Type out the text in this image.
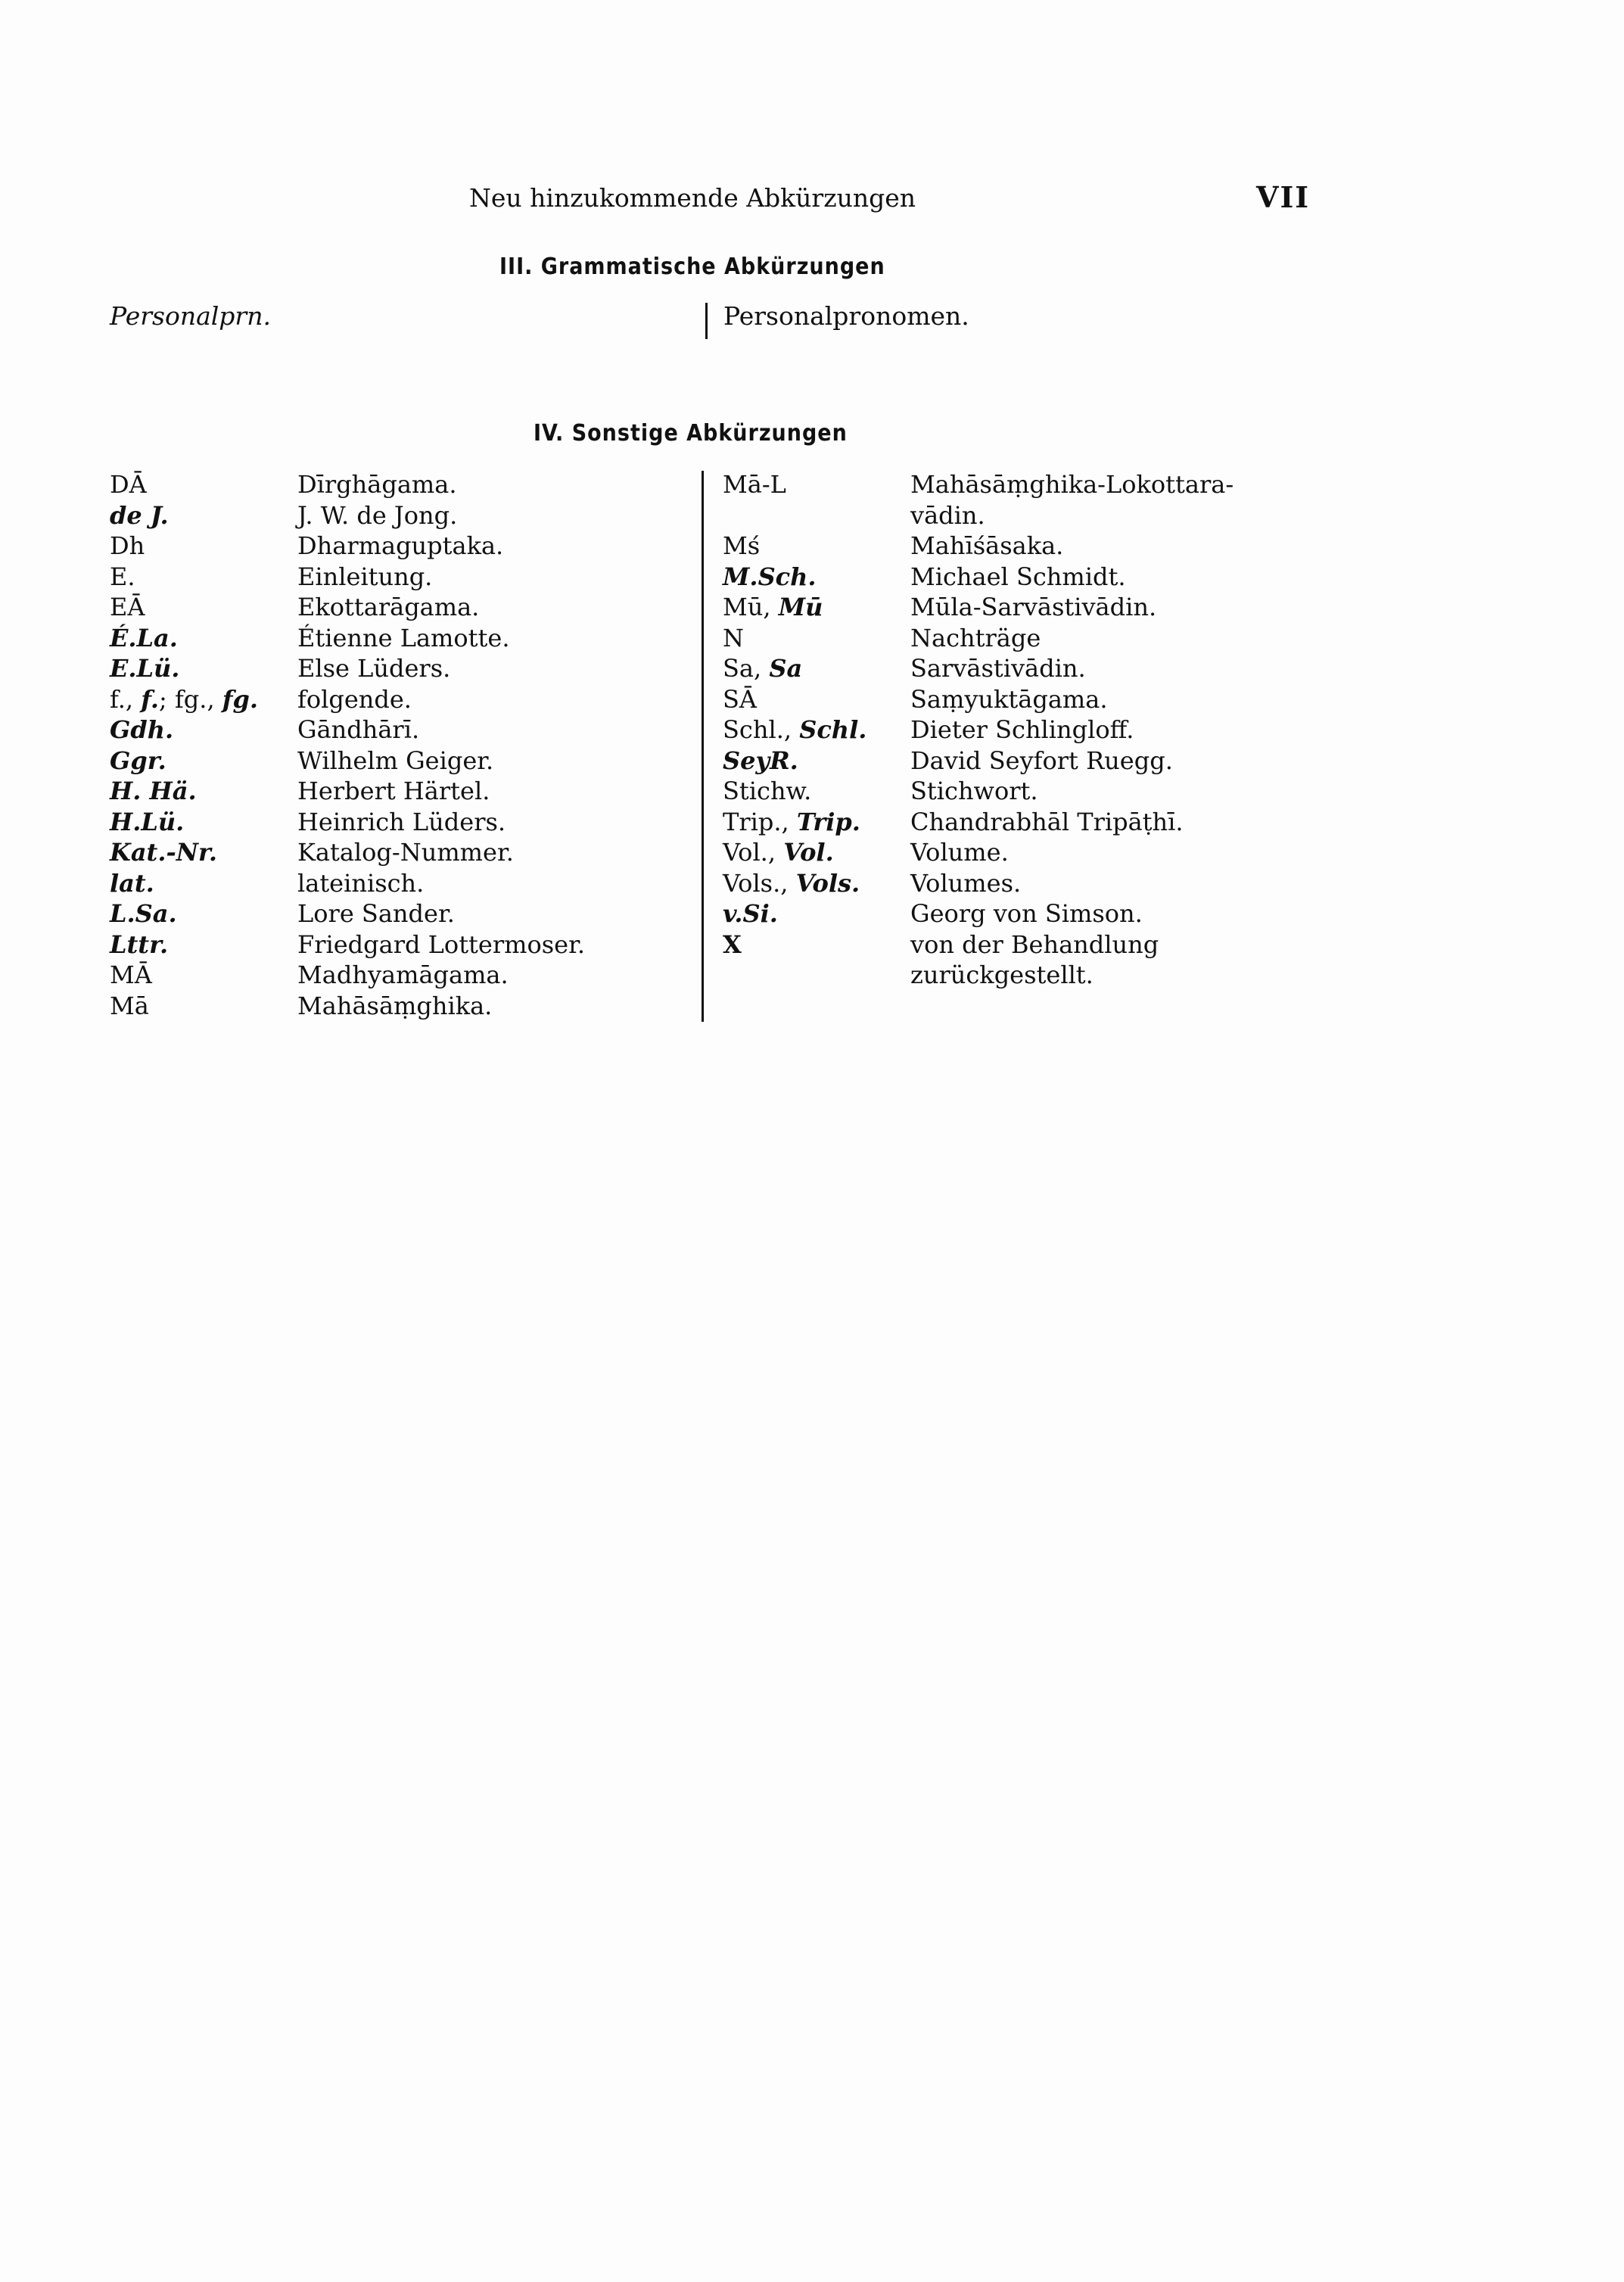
Neu hinzukommende Abkürzungen	VII
III. Grammatische Abkürzungen
Personalprn.	Personalpronomen.
IV. Sonstige Abkürzungen
DĀ
de J.
Dh
E.
EĀ
É.La.
E.Lü.
f., f.; fg., fg.
Gdh.
Ggr.
H. Hä.
H.Lü.
Kat.-Nr.
lat.
L.Sa.
Lttr.
MĀ
Mā
Dīrghāgama.
J. W. de Jong.
Dharmaguptaka.
Einleitung.
Ekottarāgama.
Étienne Lamotte.
Else Lüders.
folgende.
Gāndhārī.
Wilhelm Geiger.
Herbert Härtel.
Heinrich Lüders.
Katalog-Nummer.
lateinisch.
Lore Sander.
Friedgard Lottermoser.
Madhyamāgama.
Mahāsāṃghika.
Mā-L

Mś
M.Sch.
Mū, Mū
N
Sa, Sa
SĀ
Schl., Schl.
SeyR.
Stichw.
Trip., Trip.
Vol., Vol.
Vols., Vols.
v.Si.
X

Mahāsāṃghika-Lokottara-
vādin.
Mahīśāsaka.
Michael Schmidt.
Mūla-Sarvāstivādin.
Nachträge
Sarvāstivādin.
Saṃyuktāgama.
Dieter Schlingloff.
David Seyfort Ruegg.
Stichwort.
Chandrabhāl Tripāṭhī.
Volume.
Volumes.
Georg von Simson.
von der Behandlung
zurückgestellt.
